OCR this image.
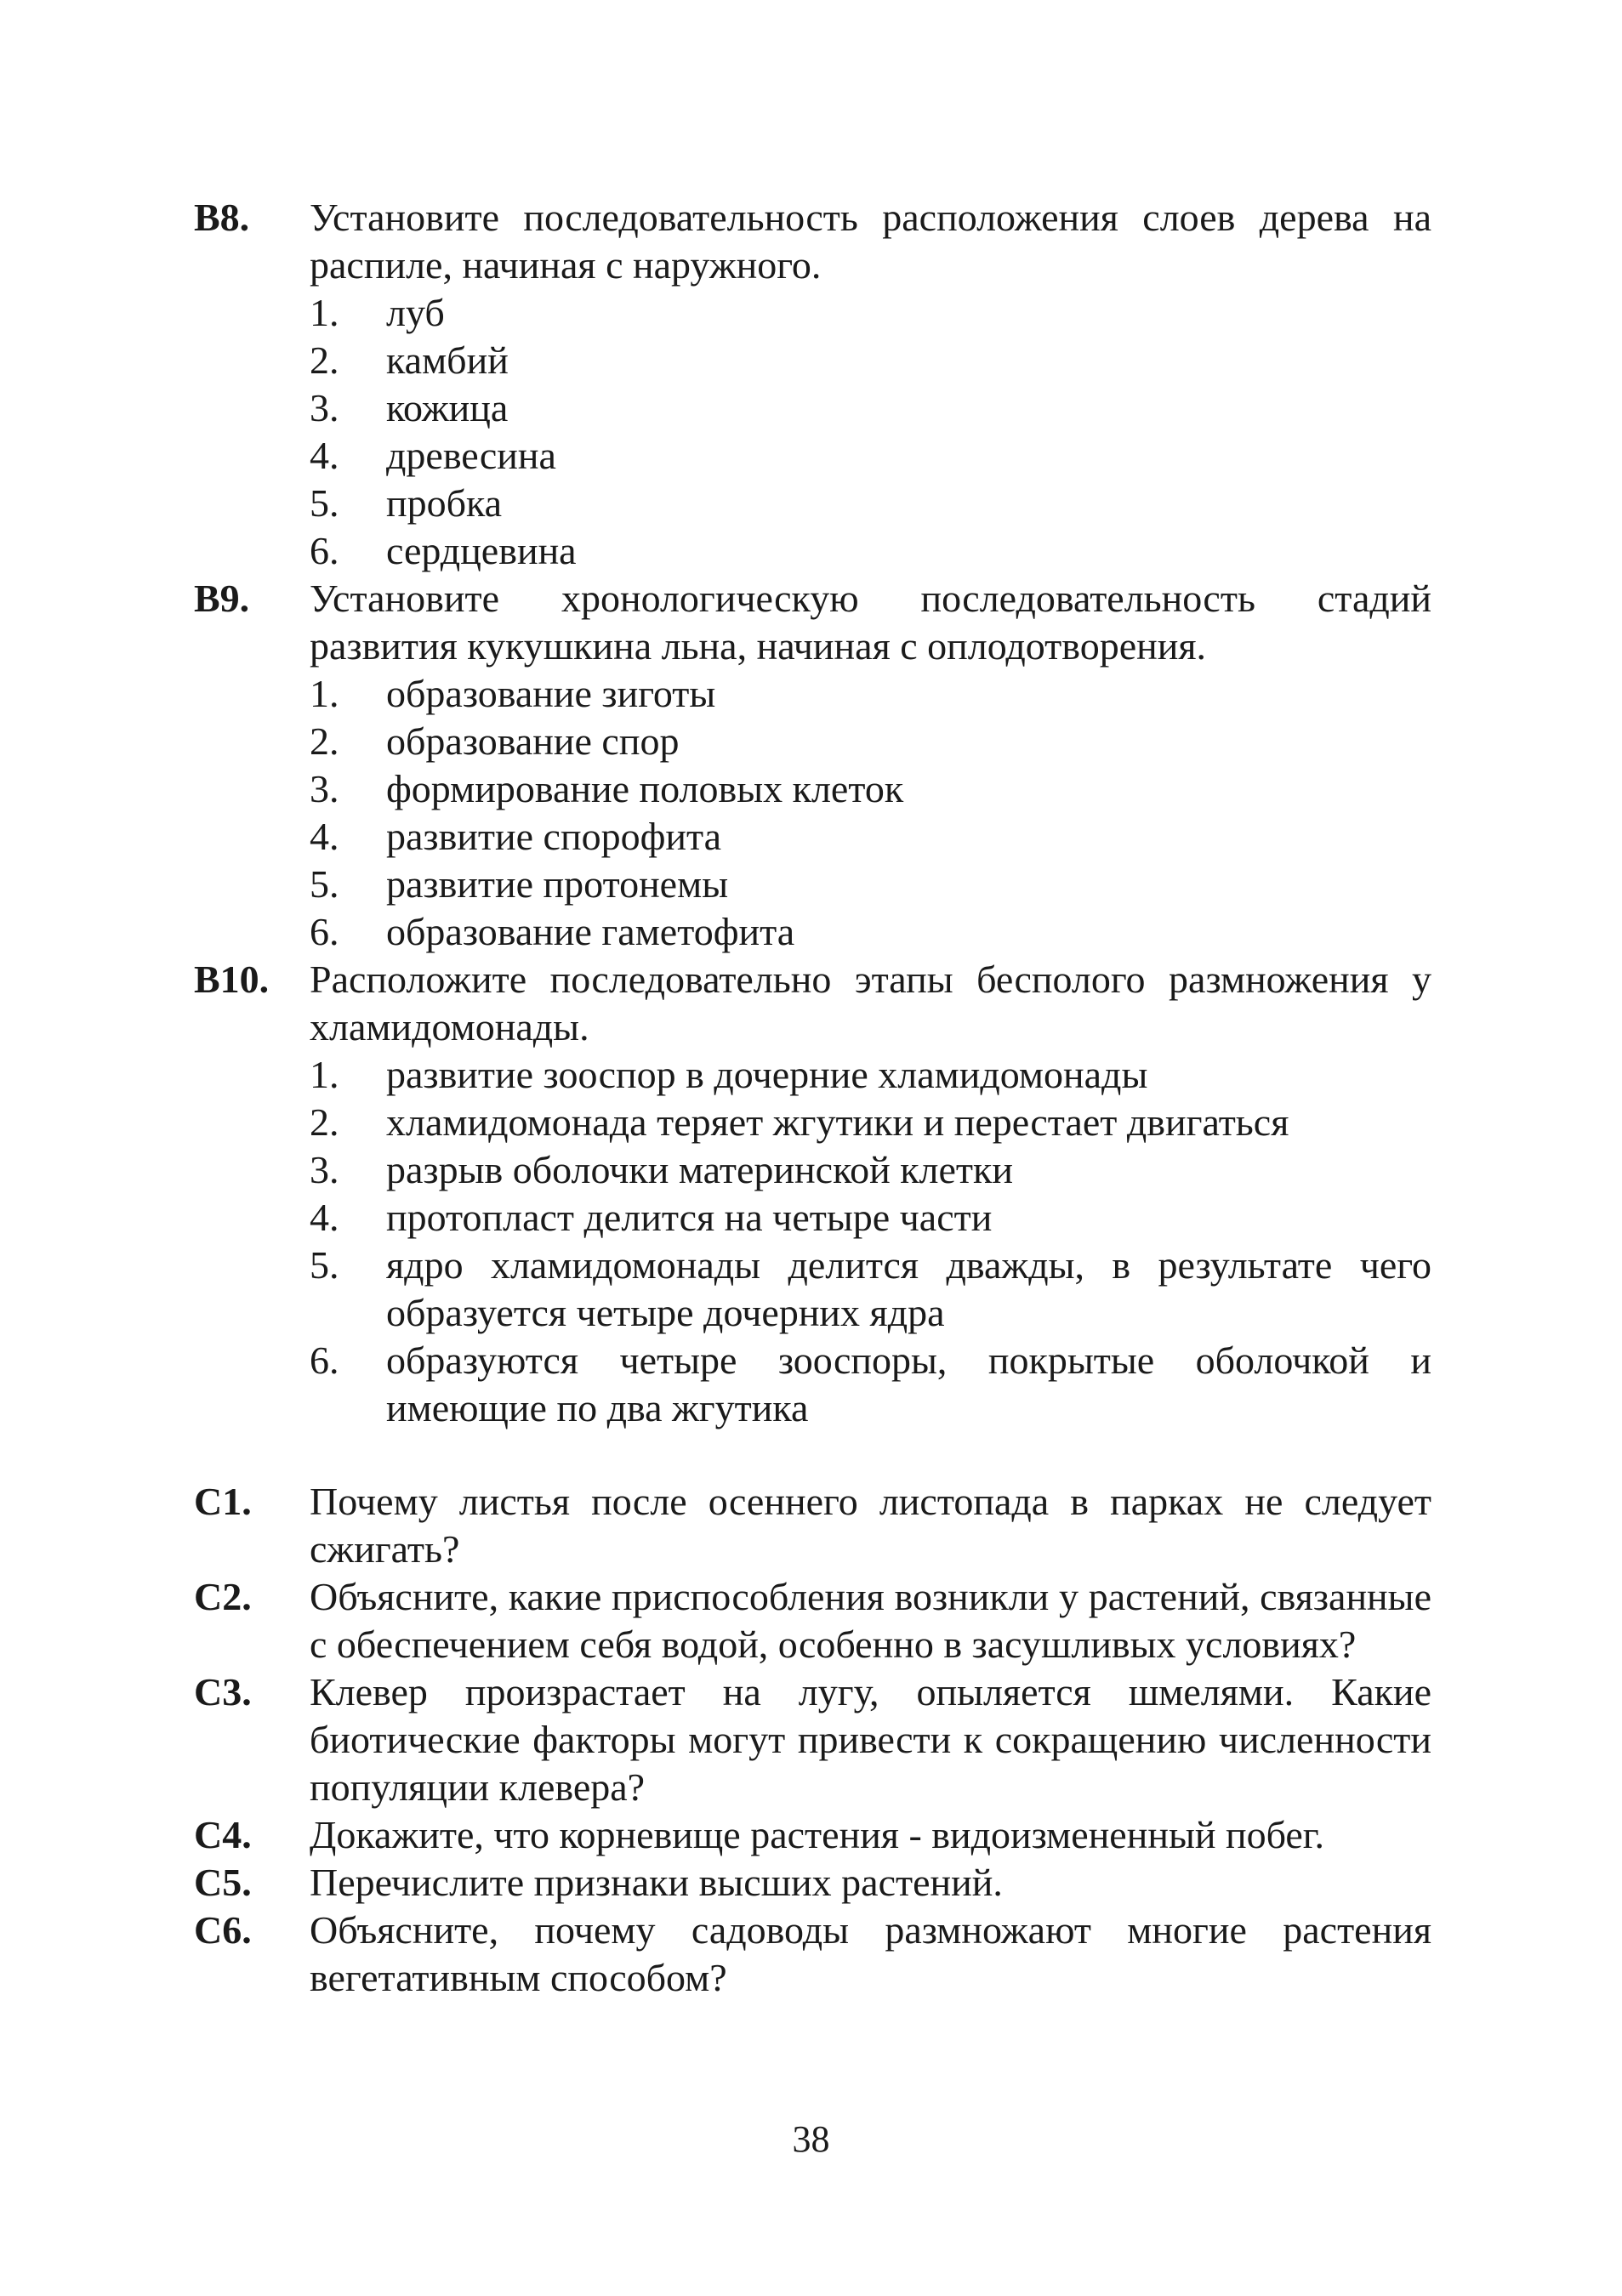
B8.	Установите последовательность расположения слоев дерева на распиле, начиная с наружного.
1.	луб
2.	камбий
3.	кожица
4.	древесина
5.	пробка
6.	сердцевина
B9.	Установите хронологическую последовательность стадий развития кукушкина льна, начиная с оплодотворения.
1.	образование зиготы
2.	образование спор
3.	формирование половых клеток
4.	развитие спорофита
5.	развитие протонемы
6.	образование гаметофита
B10.	Расположите последовательно этапы бесполого размножения у хламидомонады.
1.	развитие зооспор в дочерние хламидомонады
2.	хламидомонада теряет жгутики и перестает двигаться
3.	разрыв оболочки материнской клетки
4.	протопласт делится на четыре части
5.	ядро хламидомонады делится дважды, в результате чего образуется четыре дочерних ядра
6.	образуются четыре зооспоры, покрытые оболочкой и имеющие по два жгутика
C1.	Почему листья после осеннего листопада в парках не следует сжигать?
C2.	Объясните, какие приспособления возникли у растений, связанные с обеспечением себя водой, особенно в засушливых условиях?
C3.	Клевер произрастает на лугу, опыляется шмелями. Какие биотические факторы могут привести к сокращению численности популяции клевера?
C4.	Докажите, что корневище растения - видоизмененный побег.
C5.	Перечислите признаки высших растений.
C6.	Объясните, почему садоводы размножают многие растения вегетативным способом?
38
